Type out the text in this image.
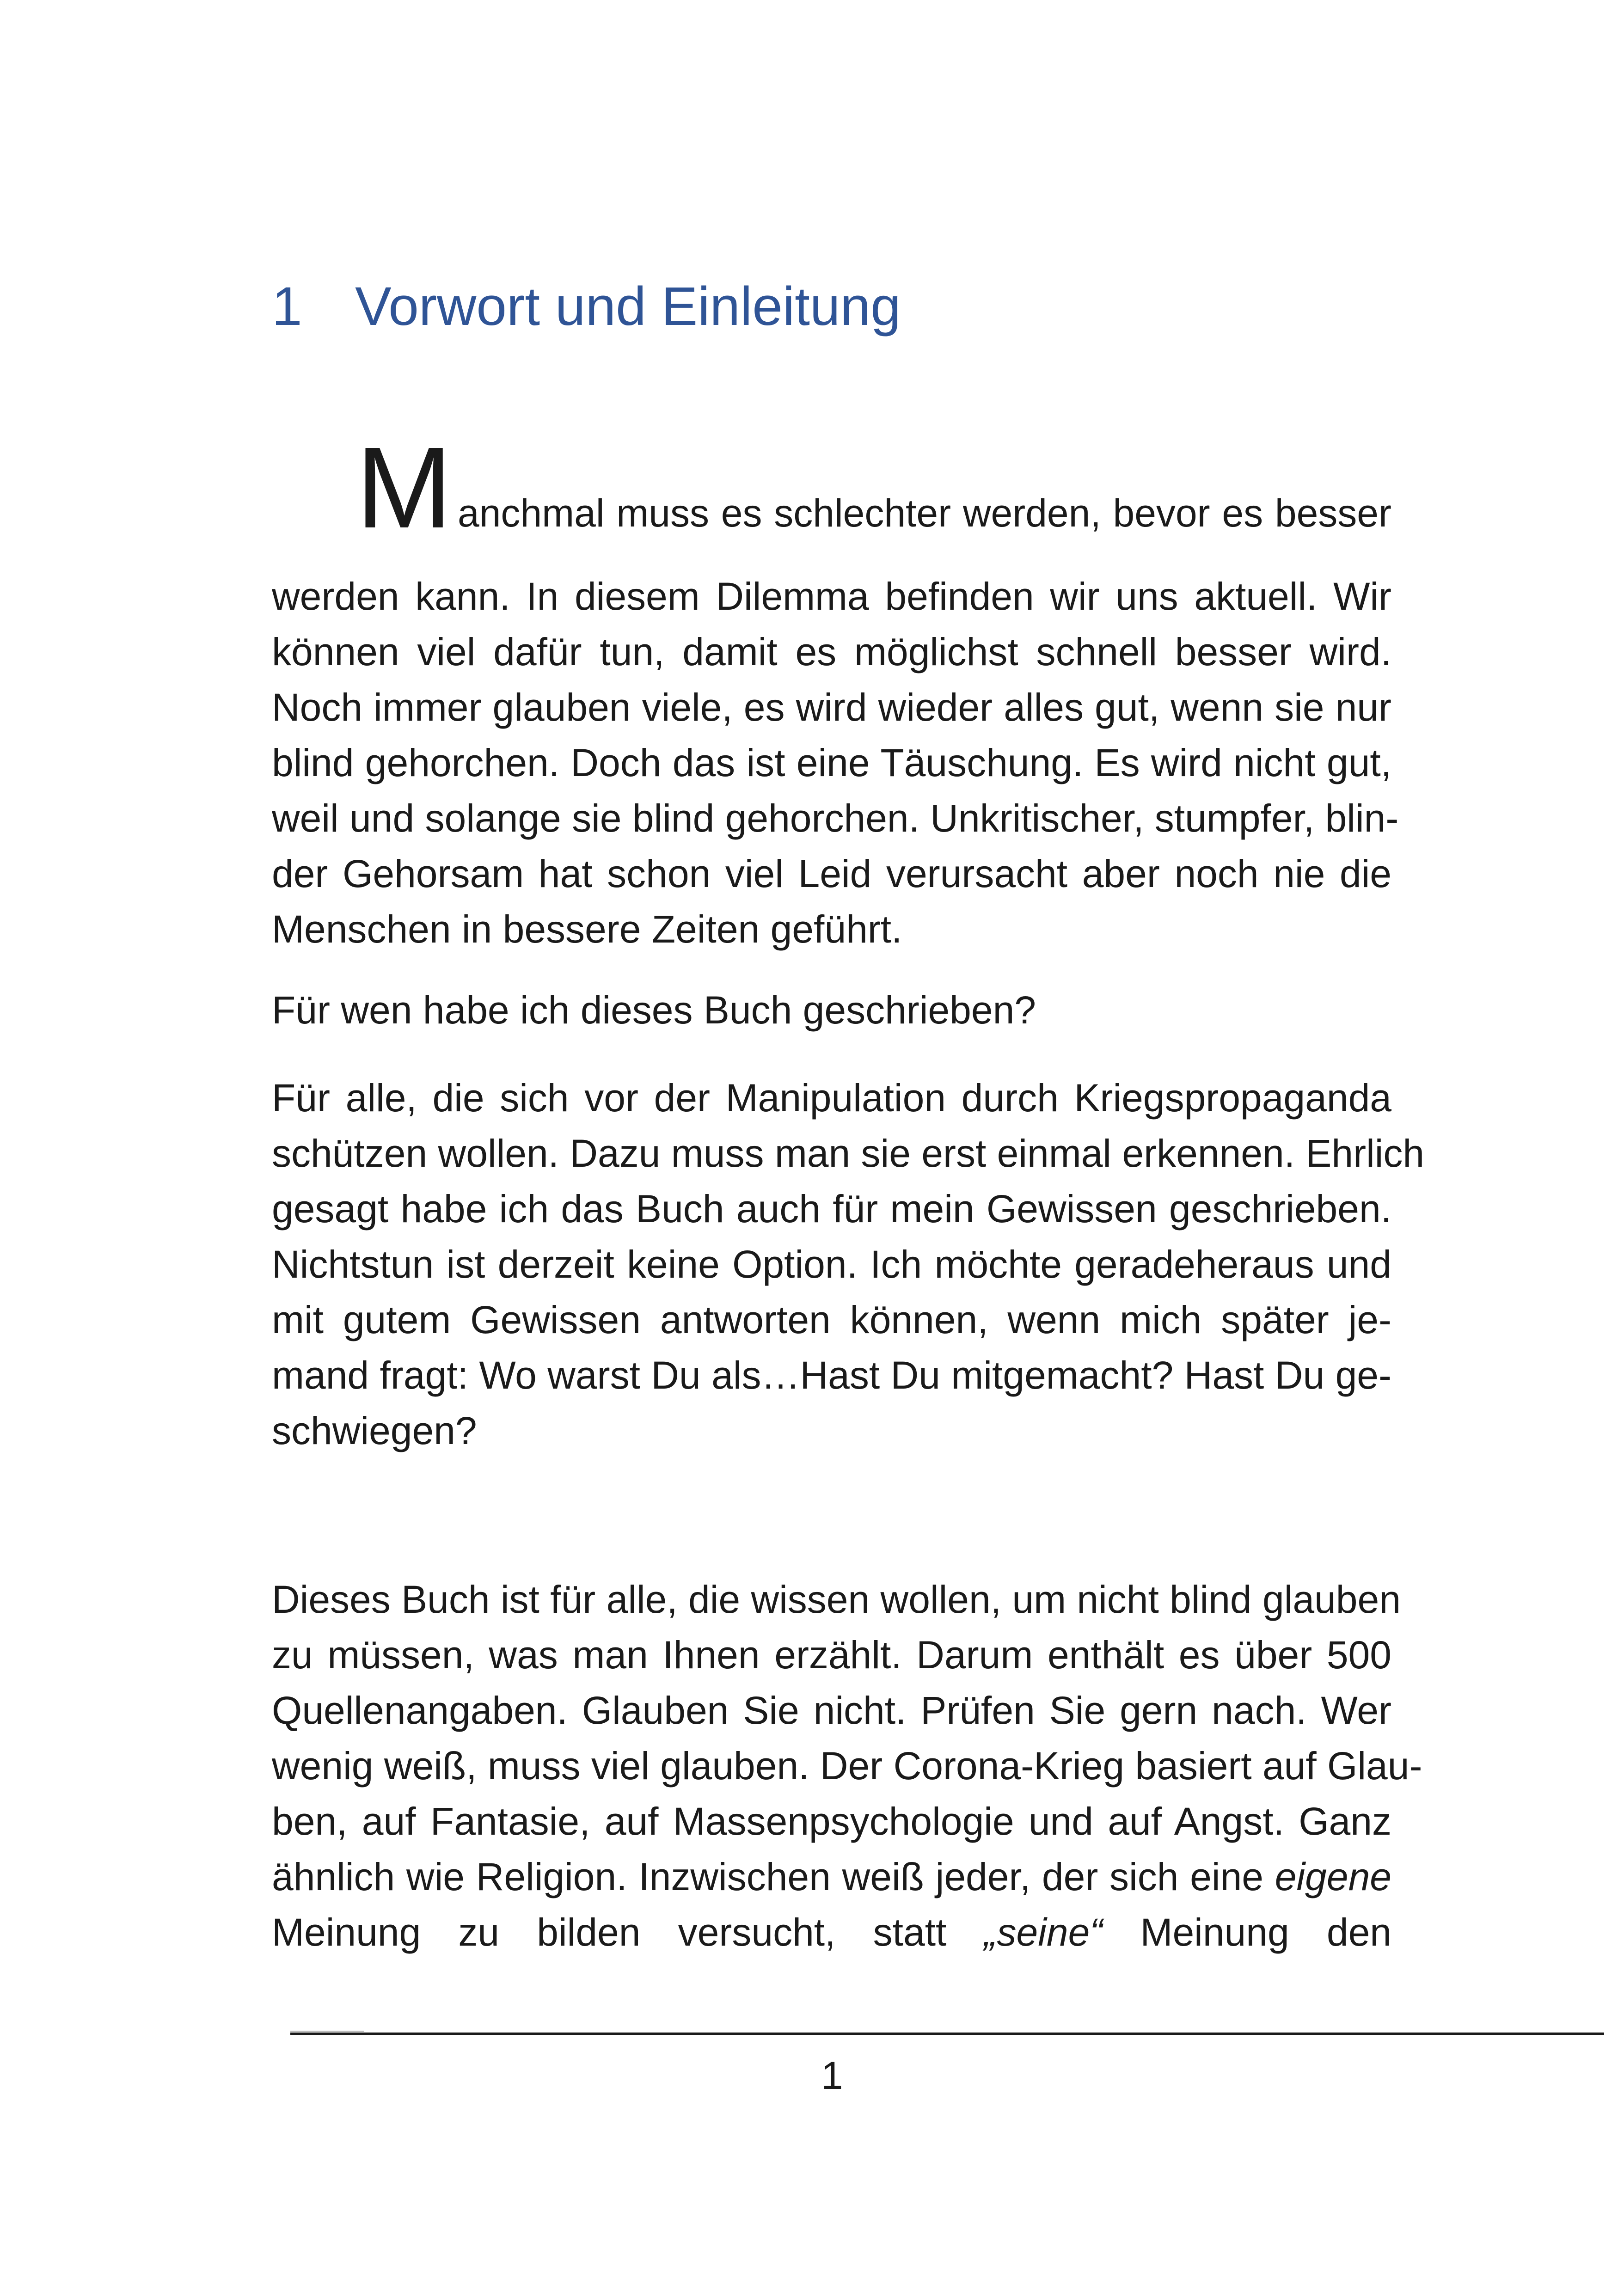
1 Vorwort und Einleitung
M anchmal muss es schlechter werden, bevor es besser
werden kann. In diesem Dilemma befinden wir uns aktuell. Wir
können viel dafür tun, damit es möglichst schnell besser wird.
Noch immer glauben viele, es wird wieder alles gut, wenn sie nur
blind gehorchen. Doch das ist eine Täuschung. Es wird nicht gut,
weil und solange sie blind gehorchen. Unkritischer, stumpfer, blin-
der Gehorsam hat schon viel Leid verursacht aber noch nie die
Menschen in bessere Zeiten geführt.
Für wen habe ich dieses Buch geschrieben?
Für alle, die sich vor der Manipulation durch Kriegspropaganda
schützen wollen. Dazu muss man sie erst einmal erkennen. Ehrlich
gesagt habe ich das Buch auch für mein Gewissen geschrieben.
Nichtstun ist derzeit keine Option. Ich möchte geradeheraus und
mit gutem Gewissen antworten können, wenn mich später je-
mand fragt: Wo warst Du als…Hast Du mitgemacht? Hast Du ge-
schwiegen?
Dieses Buch ist für alle, die wissen wollen, um nicht blind glauben
zu müssen, was man Ihnen erzählt. Darum enthält es über 500
Quellenangaben. Glauben Sie nicht. Prüfen Sie gern nach. Wer
wenig weiß, muss viel glauben. Der Corona-Krieg basiert auf Glau-
ben, auf Fantasie, auf Massenpsychologie und auf Angst. Ganz
ähnlich wie Religion. Inzwischen weiß jeder, der sich eine eigene
Meinung zu bilden versucht, statt „seine“ Meinung den
1
